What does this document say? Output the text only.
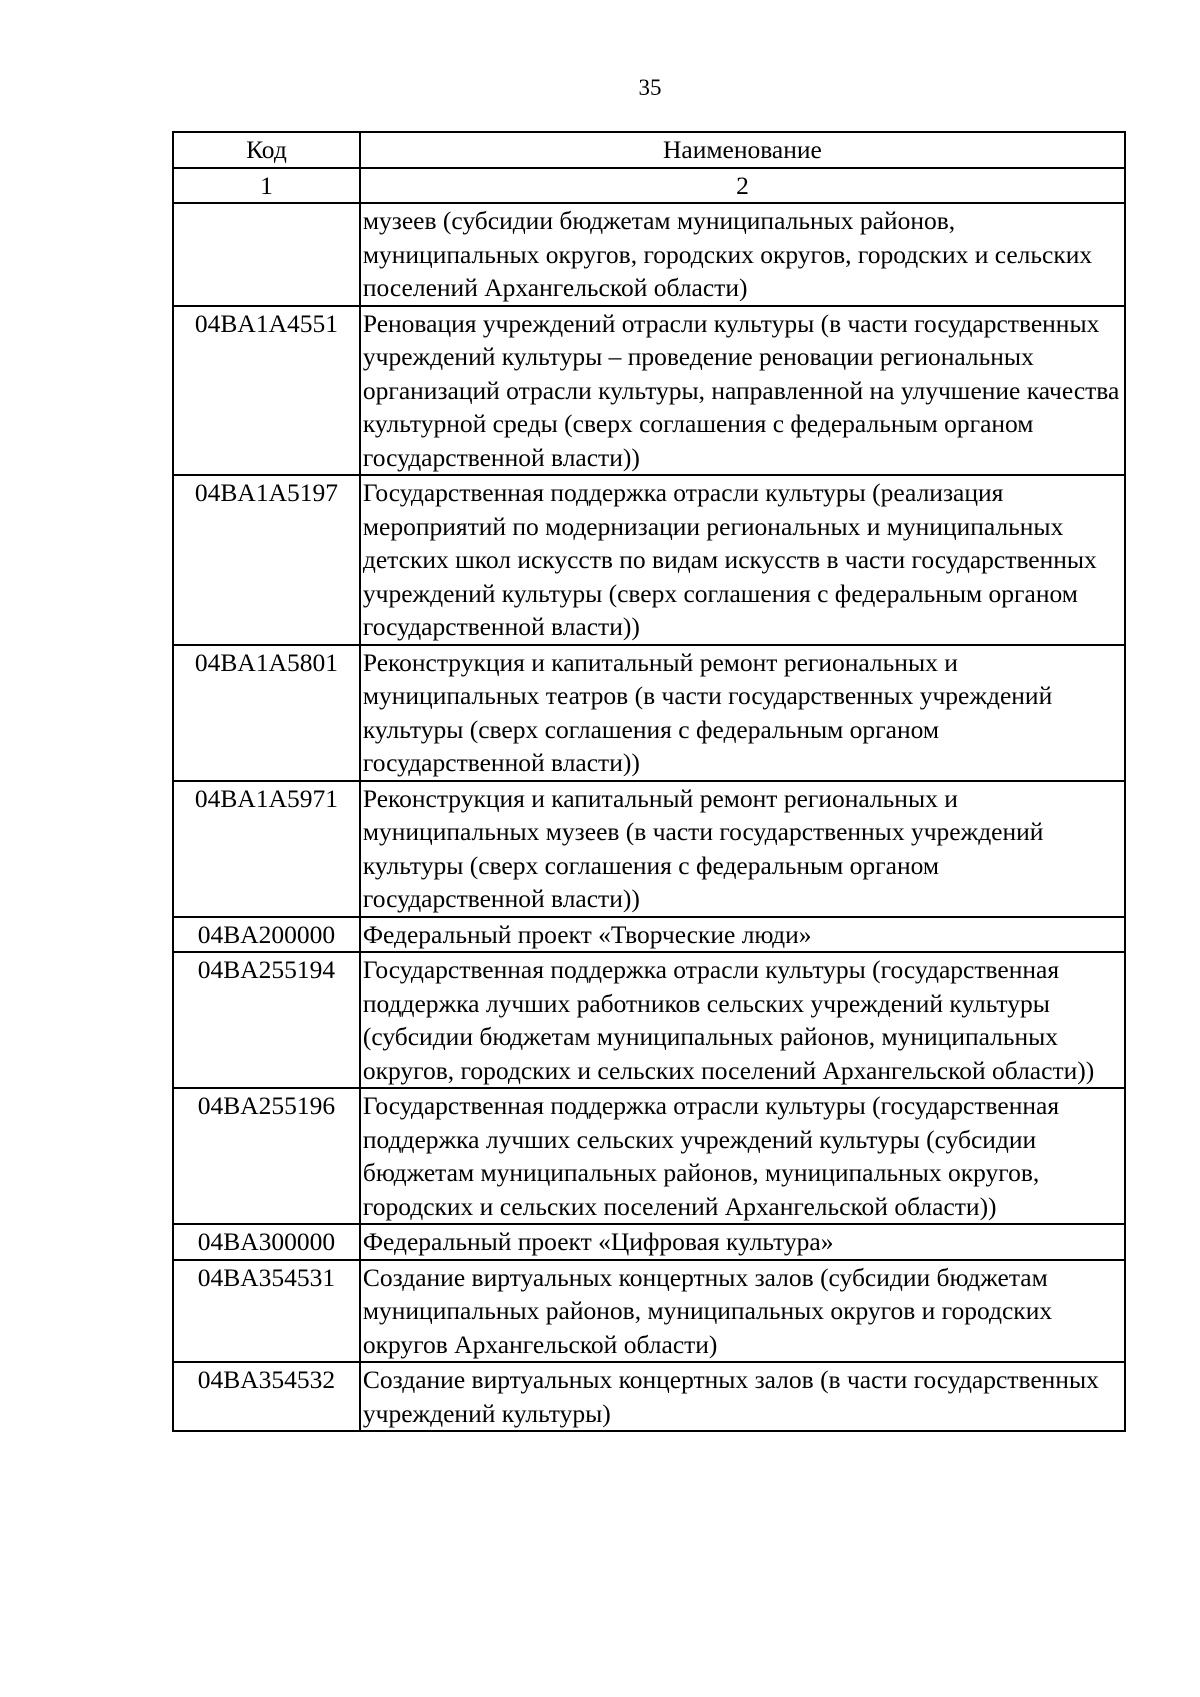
35
Код	Наименование
1	2
	музеев (субсидии бюджетам муниципальных районов, муниципальных округов, городских округов, городских и сельских поселений Архангельской области)
04BA1A4551	Реновация учреждений отрасли культуры (в части государственных учреждений культуры – проведение реновации региональных организаций отрасли культуры, направленной на улучшение качества культурной среды (сверх соглашения с федеральным органом государственной власти))
04BA1A5197	Государственная поддержка отрасли культуры (реализация мероприятий по модернизации региональных и муниципальных детских школ искусств по видам искусств в части государственных учреждений культуры (сверх соглашения с федеральным органом государственной власти))
04BA1A5801	Реконструкция и капитальный ремонт региональных и муниципальных театров (в части государственных учреждений культуры (сверх соглашения с федеральным органом государственной власти))
04BA1A5971	Реконструкция и капитальный ремонт региональных и муниципальных музеев (в части государственных учреждений культуры (сверх соглашения с федеральным органом государственной власти))
04BA200000	Федеральный проект «Творческие люди»
04BA255194	Государственная поддержка отрасли культуры (государственная поддержка лучших работников сельских учреждений культуры (субсидии бюджетам муниципальных районов, муниципальных округов, городских и сельских поселений Архангельской области))
04BA255196	Государственная поддержка отрасли культуры (государственная поддержка лучших сельских учреждений культуры (субсидии бюджетам муниципальных районов, муниципальных округов, городских и сельских поселений Архангельской области))
04BA300000	Федеральный проект «Цифровая культура»
04BA354531	Создание виртуальных концертных залов (субсидии бюджетам муниципальных районов, муниципальных округов и городских округов Архангельской области)
04BA354532	Создание виртуальных концертных залов (в части государственных учреждений культуры)
